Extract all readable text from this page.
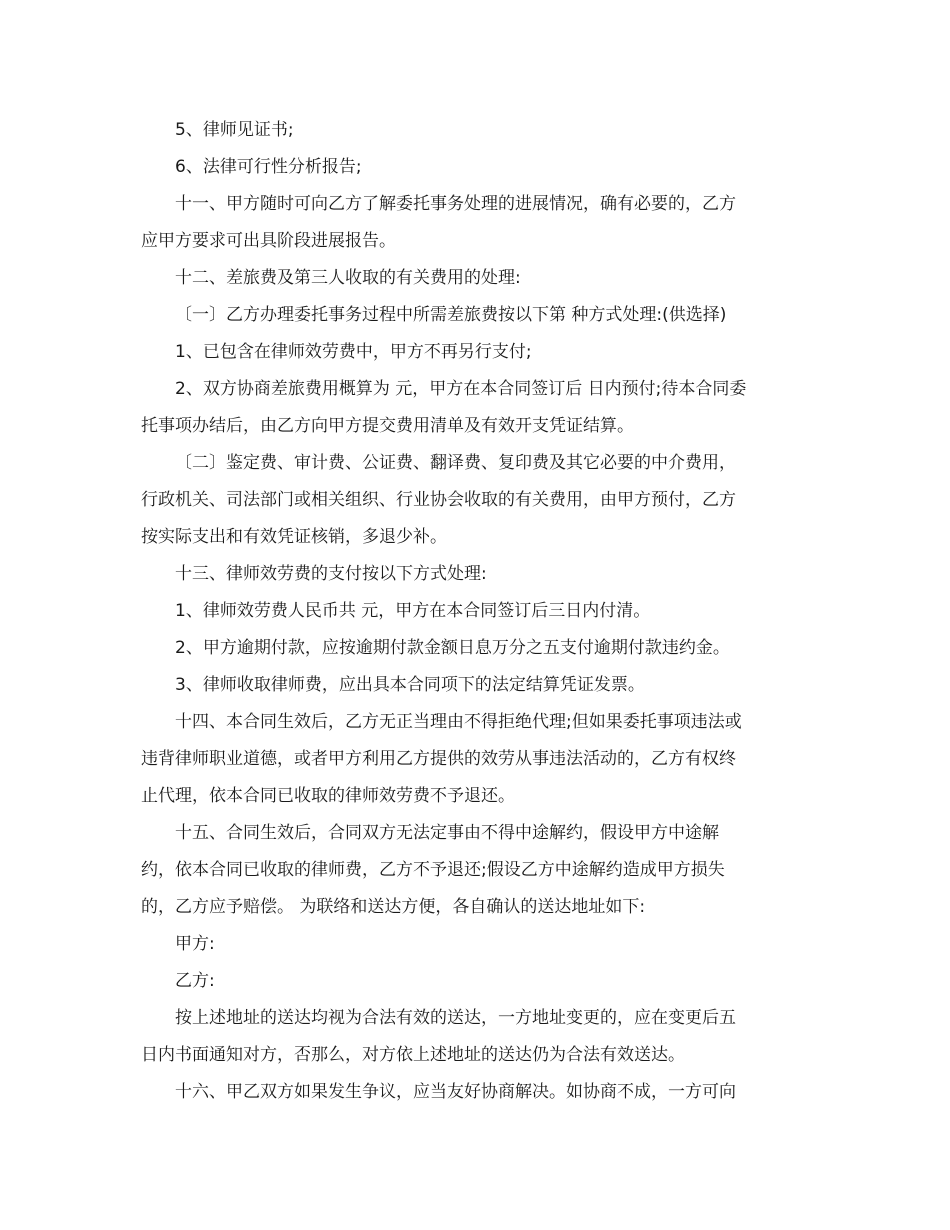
5、律师见证书;
6、法律可行性分析报告;
十一、甲方随时可向乙方了解委托事务处理的进展情况，确有必要的，乙方
应甲方要求可出具阶段进展报告。
十二、差旅费及第三人收取的有关费用的处理:
〔一〕乙方办理委托事务过程中所需差旅费按以下第 种方式处理:(供选择)
1、已包含在律师效劳费中，甲方不再另行支付;
2、双方协商差旅费用概算为 元，甲方在本合同签订后 日内预付;待本合同委
托事项办结后，由乙方向甲方提交费用清单及有效开支凭证结算。
〔二〕鉴定费、审计费、公证费、翻译费、复印费及其它必要的中介费用，
行政机关、司法部门或相关组织、行业协会收取的有关费用，由甲方预付，乙方
按实际支出和有效凭证核销，多退少补。
十三、律师效劳费的支付按以下方式处理:
1、律师效劳费人民币共 元，甲方在本合同签订后三日内付清。
2、甲方逾期付款，应按逾期付款金额日息万分之五支付逾期付款违约金。
3、律师收取律师费，应出具本合同项下的法定结算凭证发票。
十四、本合同生效后，乙方无正当理由不得拒绝代理;但如果委托事项违法或
违背律师职业道德，或者甲方利用乙方提供的效劳从事违法活动的，乙方有权终
止代理，依本合同已收取的律师效劳费不予退还。
十五、合同生效后，合同双方无法定事由不得中途解约，假设甲方中途解
约，依本合同已收取的律师费，乙方不予退还;假设乙方中途解约造成甲方损失
的，乙方应予赔偿。 为联络和送达方便，各自确认的送达地址如下:
甲方:
乙方:
按上述地址的送达均视为合法有效的送达，一方地址变更的，应在变更后五
日内书面通知对方，否那么，对方依上述地址的送达仍为合法有效送达。
十六、甲乙双方如果发生争议，应当友好协商解决。如协商不成，一方可向
